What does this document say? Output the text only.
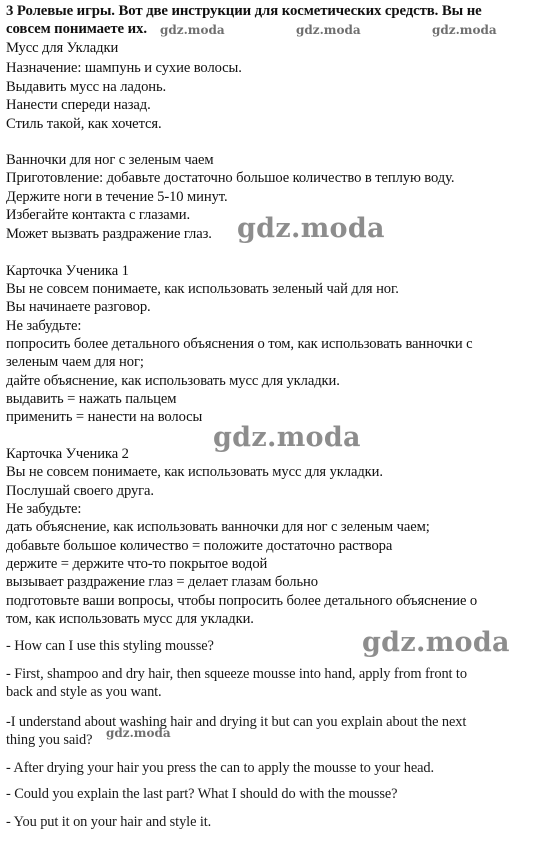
3 Ролевые игры. Вот две инструкции для косметических средств. Вы не
совсем понимаете их. gdz.moda	gdz.moda	gdz.moda
Мусс для Укладки
Назначение: шампунь и сухие волосы.
Выдавить мусс на ладонь.
Нанести спереди назад.
Стиль такой, как хочется.
Ванночки для ног с зеленым чаем
Приготовление: добавьте достаточно большое количество в теплую воду.
Держите ноги в течение 5-10 минут.
Избегайте контакта с глазами.
Может вызвать раздражение глаз. gdz.moda
Карточка Ученика 1
Вы не совсем понимаете, как использовать зеленый чай для ног.
Вы начинаете разговор.
Не забудьте:
попросить более детального объяснения о том, как использовать ванночки с
зеленым чаем для ног;
дайте объяснение, как использовать мусс для укладки.
выдавить = нажать пальцем
применить = нанести на волосы
gdz.moda
Карточка Ученика 2
Вы не совсем понимаете, как использовать мусс для укладки.
Послушай своего друга.
Не забудьте:
дать объяснение, как использовать ванночки для ног с зеленым чаем;
добавьте большое количество = положите достаточно раствора
держите = держите что-то покрытое водой
вызывает раздражение глаз = делает глазам больно
подготовьте ваши вопросы, чтобы попросить более детального объяснение о
том, как использовать мусс для укладки.
- How can I use this styling mousse?	gdz.moda
- First, shampoo and dry hair, then squeeze mousse into hand, apply from front to
back and style as you want.
-I understand about washing hair and drying it but can you explain about the next
thing you said? gdz.moda
- After drying your hair you press the can to apply the mousse to your head.
- Could you explain the last part? What I should do with the mousse?
- You put it on your hair and style it.
